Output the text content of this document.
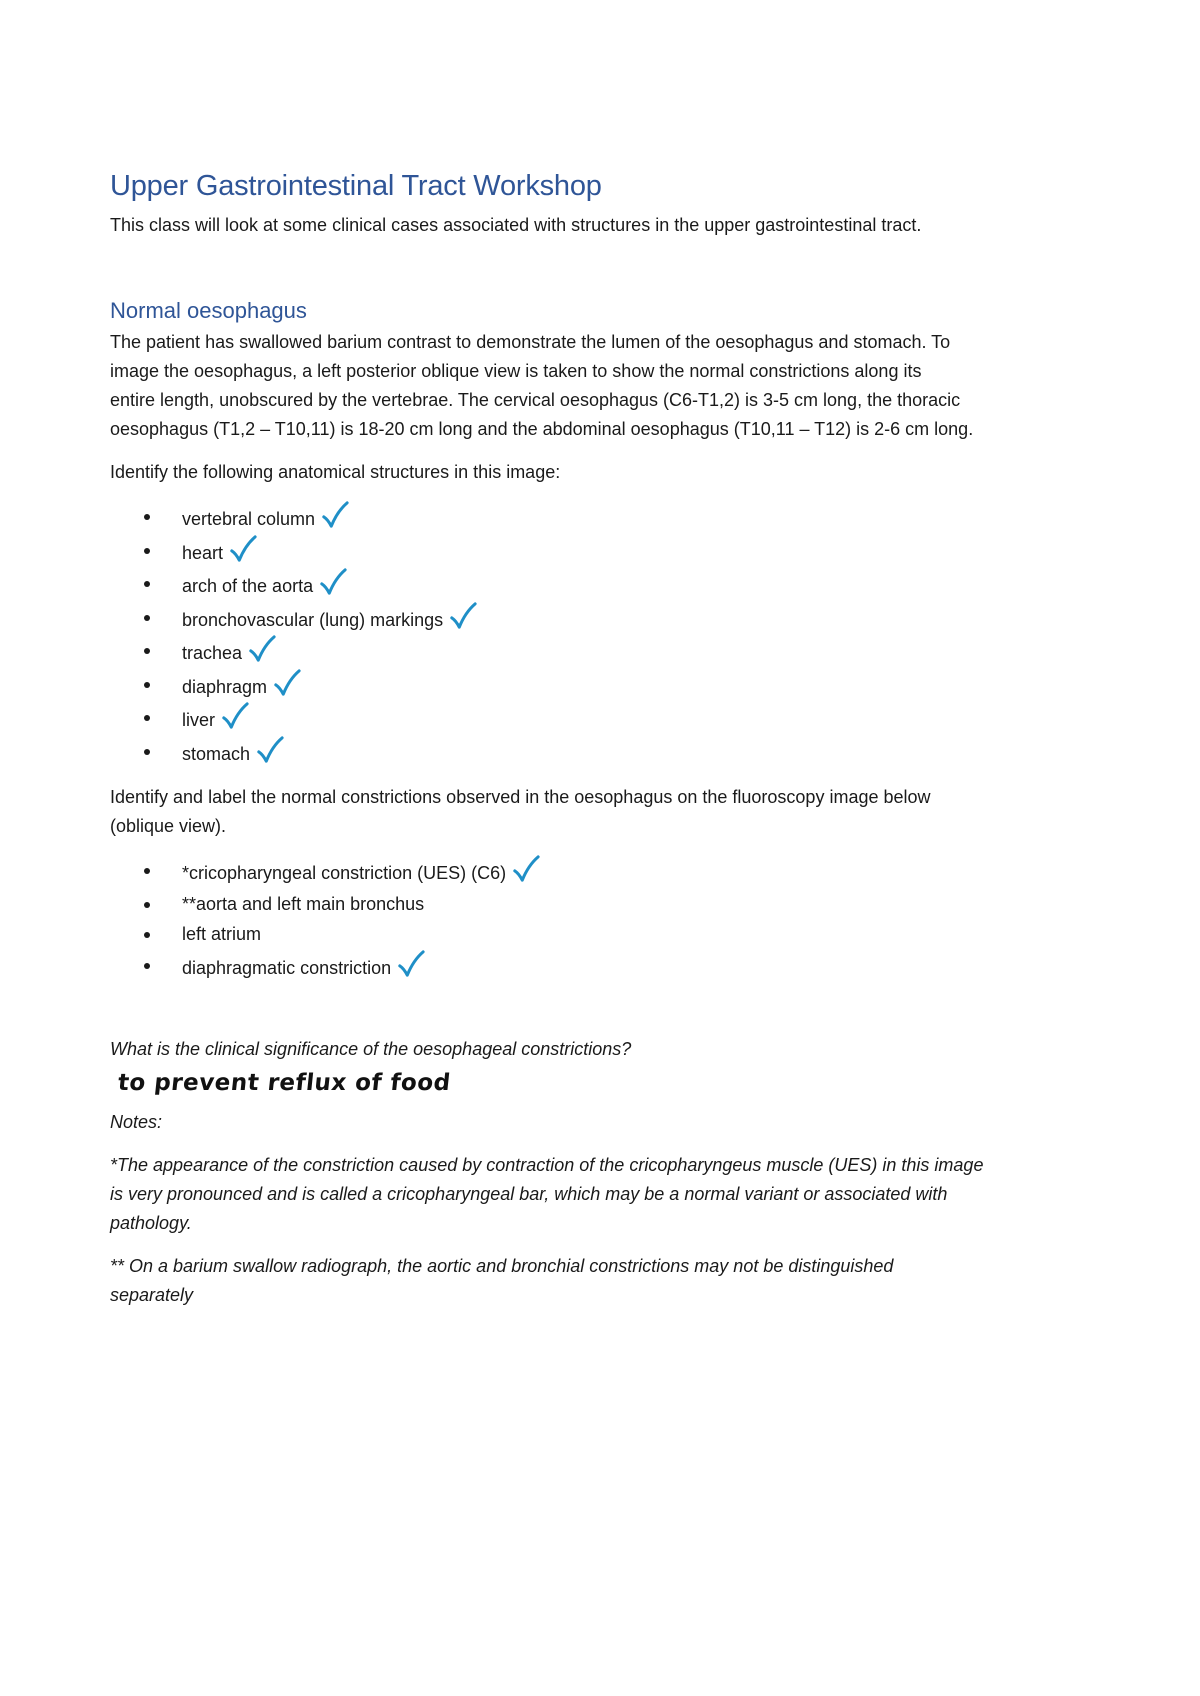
Upper Gastrointestinal Tract Workshop

This class will look at some clinical cases associated with structures in the upper gastrointestinal tract.

Normal oesophagus

The patient has swallowed barium contrast to demonstrate the lumen of the oesophagus and stomach. To

image the oesophagus, a left posterior oblique view is taken to show the normal constrictions along its

entire length, unobscured by the vertebrae. The cervical oesophagus (C6-T1,2) is 3-5 cm long, the thoracic

oesophagus (T1,2 – T10,11) is 18-20 cm long and the abdominal oesophagus (T10,11 – T12) is 2-6 cm long.

Identify the following anatomical structures in this image:

vertebral column
heart
arch of the aorta
bronchovascular (lung) markings
trachea
diaphragm
liver
stomach

Identify and label the normal constrictions observed in the oesophagus on the fluoroscopy image below

(oblique view).

*cricopharyngeal constriction (UES) (C6)
**aorta and left main bronchus
left atrium
diaphragmatic constriction

What is the clinical significance of the oesophageal constrictions?

to prevent reflux of food

Notes:

*The appearance of the constriction caused by contraction of the cricopharyngeus muscle (UES) in this image

is very pronounced and is called a cricopharyngeal bar, which may be a normal variant or associated with

pathology.

** On a barium swallow radiograph, the aortic and bronchial constrictions may not be distinguished

separately
